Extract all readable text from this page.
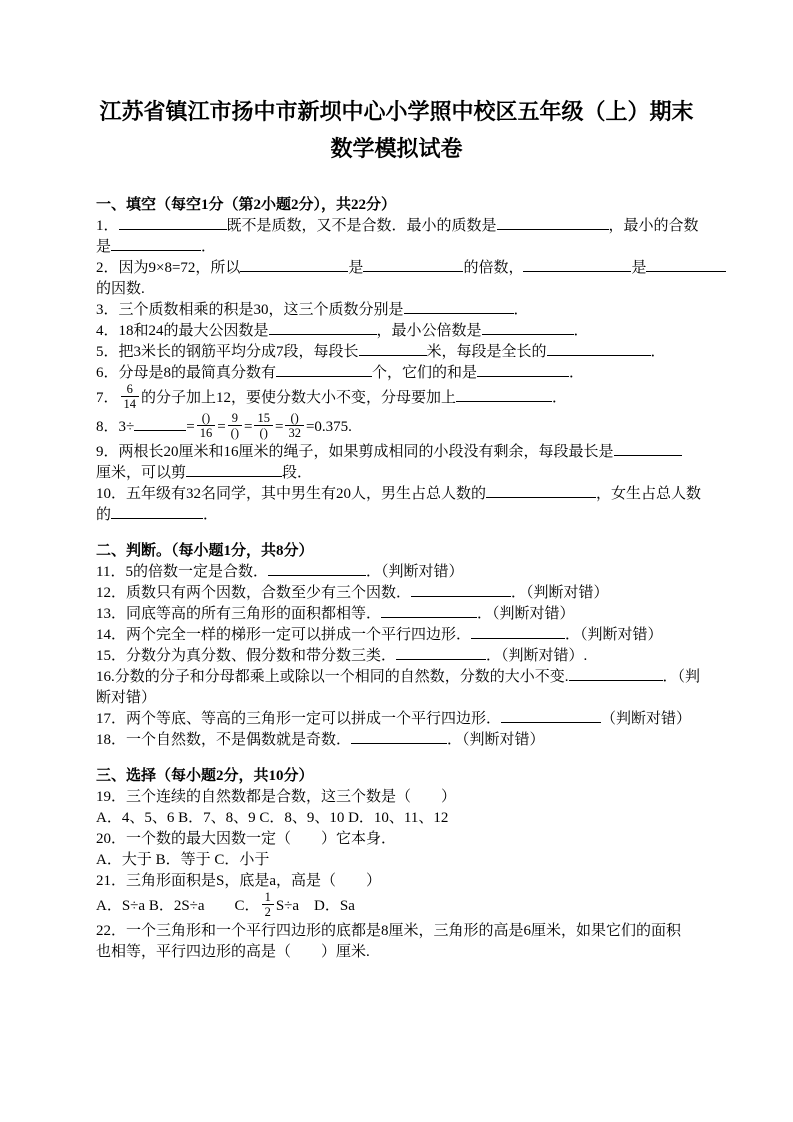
江苏省镇江市扬中市新坝中心小学照中校区五年级（上）期末数学模拟试卷
一、填空（每空1分（第2小题2分），共22分）
1．	既不是质数，又不是合数．最小的质数是	，最小的合数
是	．
2．因为9×8=72，所以	是	的倍数，	是
的因数.
3．三个质数相乘的积是30，这三个质数分别是	．
4．18和24的最大公因数是	，最小公倍数是	．
5．把3米长的钢筋平均分成7段，每段长	米，每段是全长的	．
6．分母是8的最简真分数有	个，它们的和是	．
7． $\frac{6}{14}$ 的分子加上12，要使分数大小不变，分母要加上	．
8．3÷	= $\frac{()}{16} = \frac{9}{()} = \frac{15}{()} = \frac{()}{32} =0.375$.
9．两根长20厘米和16厘米的绳子，如果剪成相同的小段没有剩余，每段最长是
厘米，可以剪	段．
10．五年级有32名同学，其中男生有20人，男生占总人数的	，女生占总人数
的	．
二、判断。（每小题1分，共8分）
11．5的倍数一定是合数．	．（判断对错）
12．质数只有两个因数，合数至少有三个因数．	．（判断对错）
13．同底等高的所有三角形的面积都相等．	．（判断对错）
14．两个完全一样的梯形一定可以拼成一个平行四边形．	．（判断对错）
15．分数分为真分数、假分数和带分数三类．	．（判断对错）.
16.分数的分子和分母都乘上或除以一个相同的自然数，分数的大小不变.	．（判
断对错）
17．两个等底、等高的三角形一定可以拼成一个平行四边形．	（判断对错）
18．一个自然数，不是偶数就是奇数．	．（判断对错）
三、选择（每小题2分，共10分）
19．三个连续的自然数都是合数，这三个数是（　　）
A．4、5、6 B．7、8、9 C．8、9、10 D．10、11、12
20．一个数的最大因数一定（　　）它本身．
A．大于 B．等于 C．小于
21．三角形面积是S，底是a，高是（　　）
A．S÷a B．2S÷a　　C． $\frac{1}{2} S\div a$　D．Sa
22．一个三角形和一个平行四边形的底都是8厘米，三角形的高是6厘米，如果它们的面积
也相等，平行四边形的高是（　　）厘米.
